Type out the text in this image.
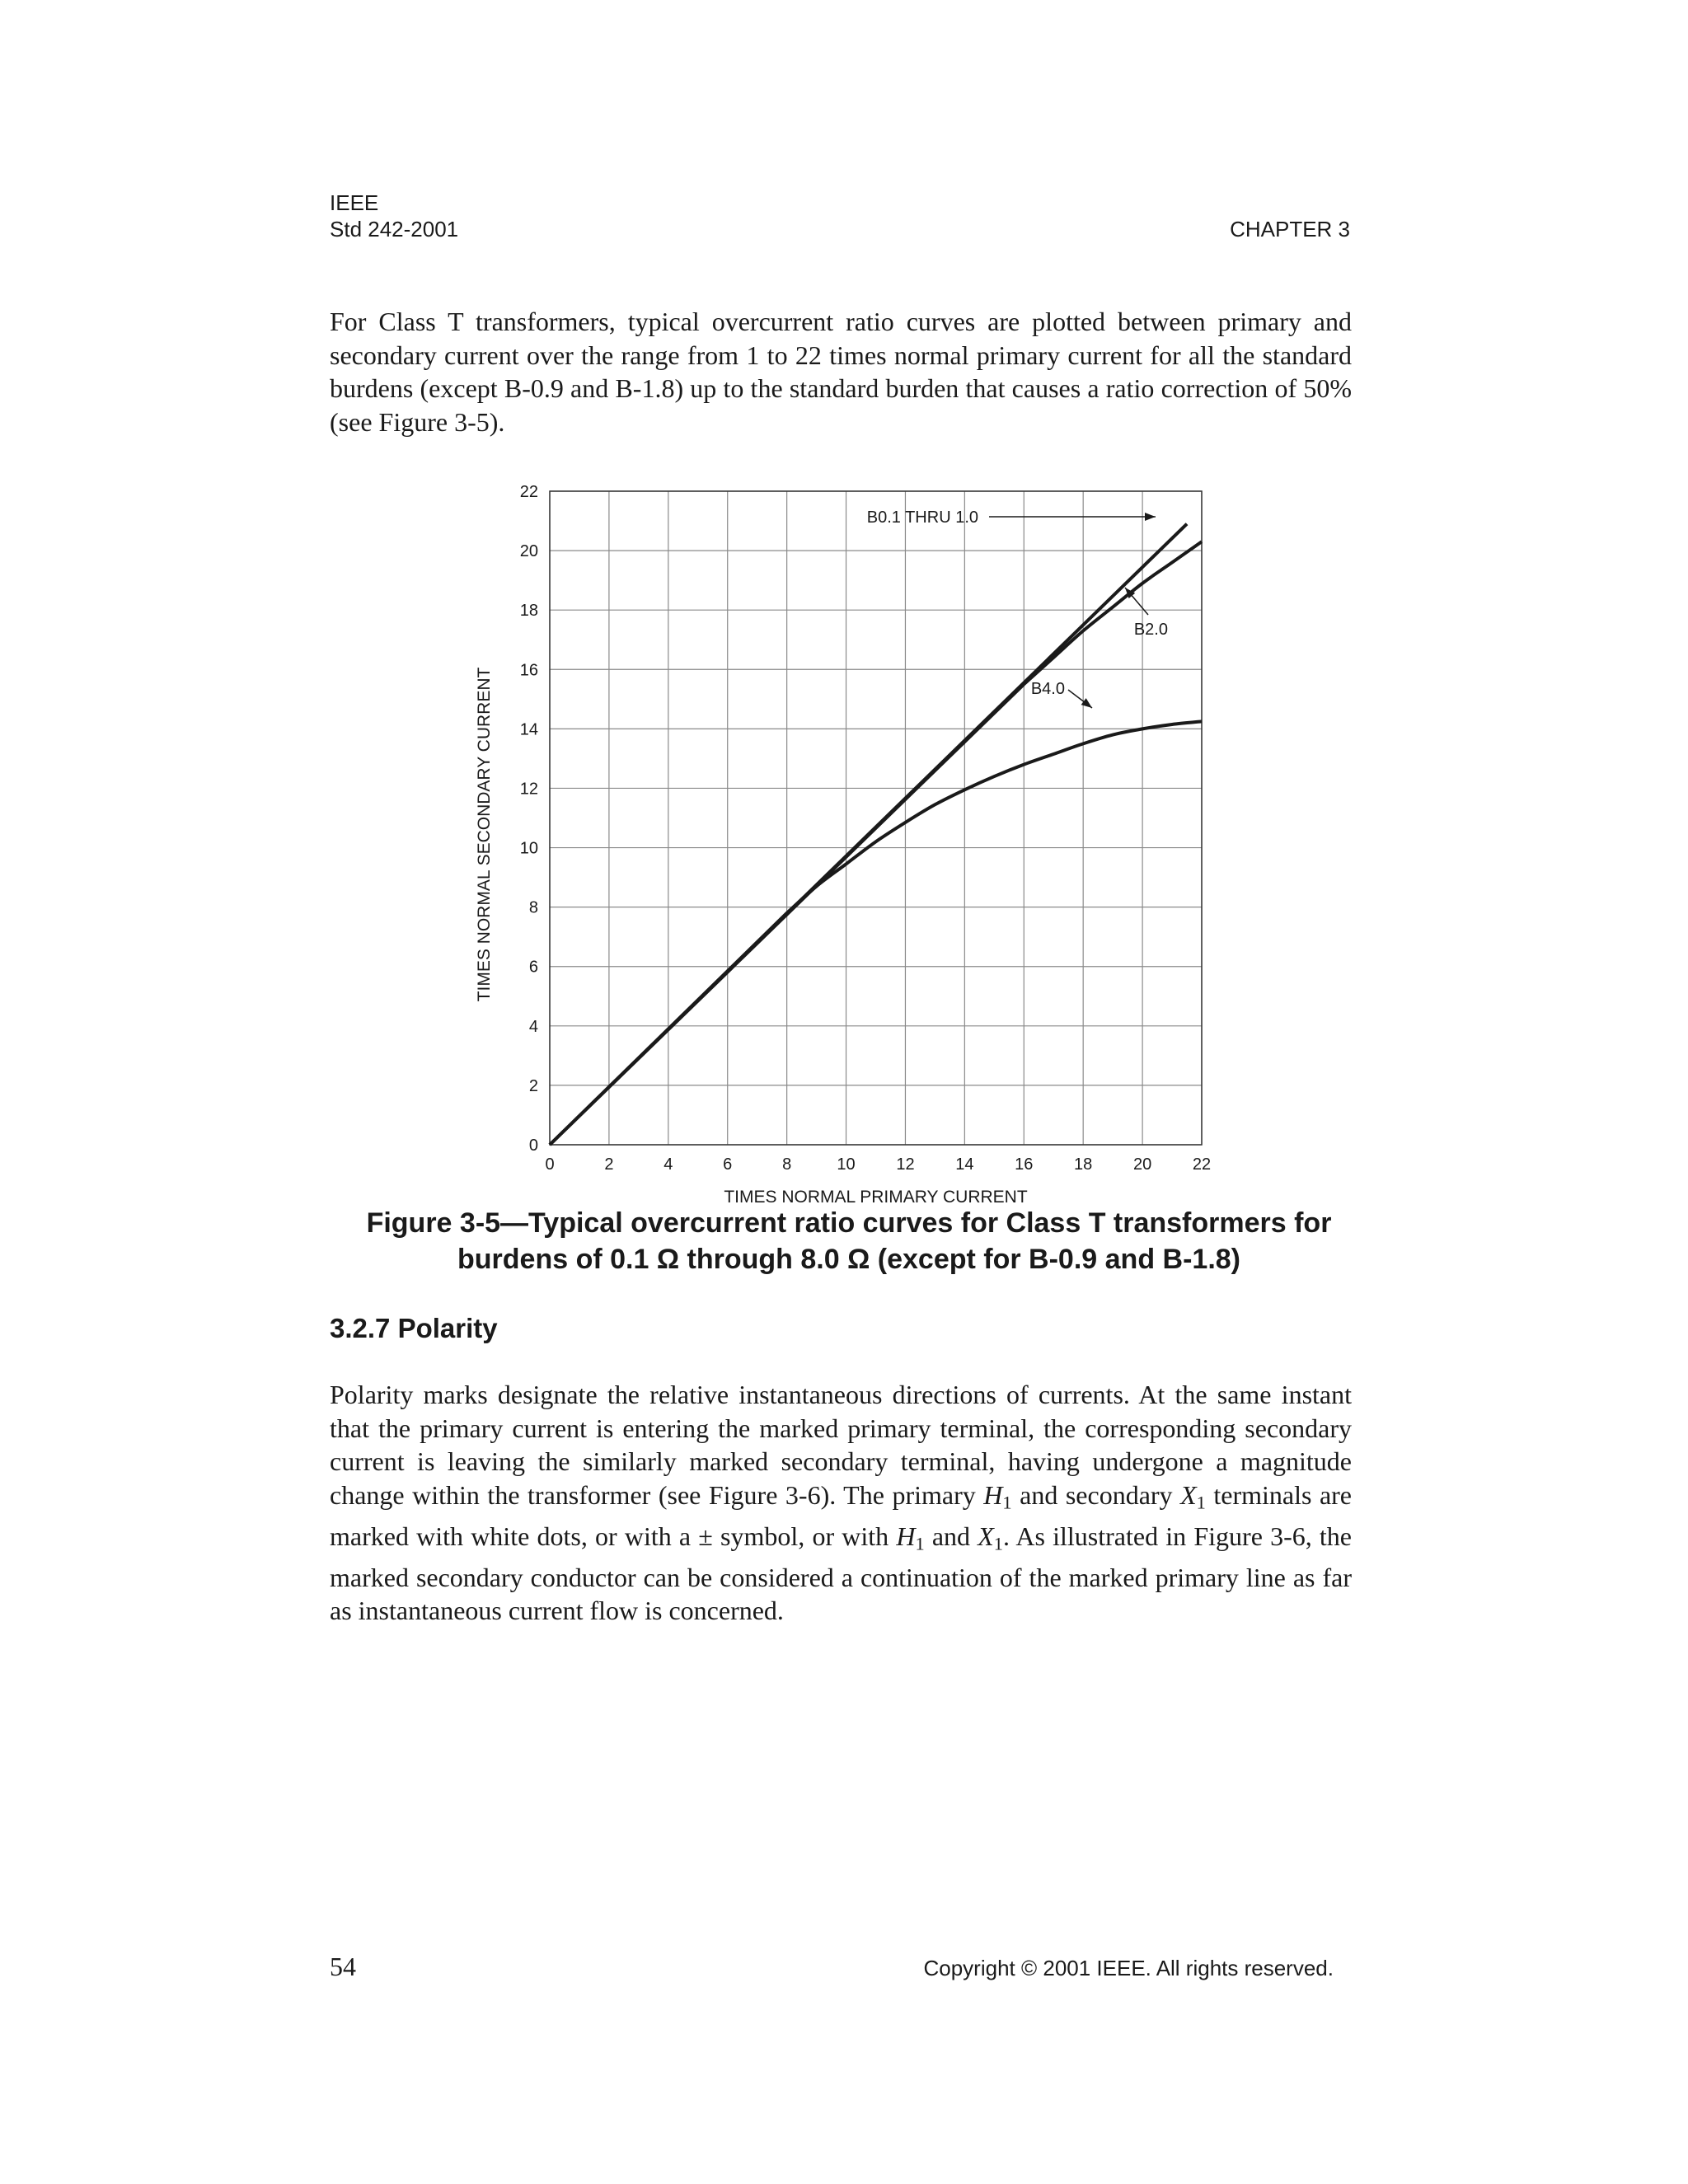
IEEE
Std 242-2001	CHAPTER 3

For Class T transformers, typical overcurrent ratio curves are plotted between primary and secondary current over the range from 1 to 22 times normal primary current for all the standard burdens (except B-0.9 and B-1.8) up to the standard burden that causes a ratio correction of 50% (see Figure 3-5).

0
2
4
6
8
10
12
14
16
18
20
22
0	2	4	6	8	10 12 14 16 18 20 22
B0.1 THRU 1.0
B2.0
B4.0
TIMES NORMAL PRIMARY CURRENT
TIMES NORMAL SECONDARY CURRENT
Figure 3-5—Typical overcurrent ratio curves for Class T transformers for
burdens of 0.1 Ω through 8.0 Ω (except for B-0.9 and B-1.8)
3.2.7 Polarity

Polarity marks designate the relative instantaneous directions of currents. At the same instant that the primary current is entering the marked primary terminal, the corresponding secondary current is leaving the similarly marked secondary terminal, having undergone a magnitude change within the transformer (see Figure 3-6). The primary $H_1$ and secondary $X_1$ terminals are marked with white dots, or with a ± symbol, or with $H_1$ and $X_1$. As illustrated in Figure 3-6, the marked secondary conductor can be considered a continuation of the marked primary line as far as instantaneous current flow is concerned.

54	Copyright © 2001 IEEE. All rights reserved.
